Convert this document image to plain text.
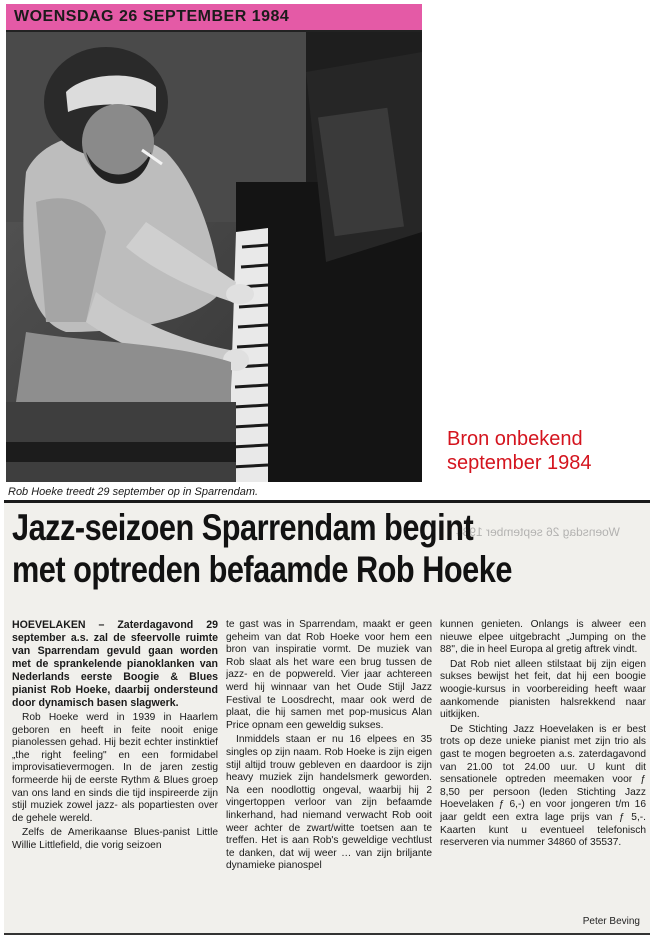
WOENSDAG 26 SEPTEMBER 1984
Rob Hoeke treedt 29 september op in Sparrendam.
Bron onbekend
september 1984
Woensdag 26 september 1984
Jazz-seizoen Sparrendam begint
met optreden befaamde Rob Hoeke

HOEVELAKEN – Zaterdagavond 29 september a.s. zal de sfeervolle ruimte van Sparrendam gevuld gaan worden met de sprankelende pianoklanken van Nederlands eerste Boogie & Blues pianist Rob Hoeke, daarbij ondersteund door dynamisch basen slagwerk.

Rob Hoeke werd in 1939 in Haarlem geboren en heeft in feite nooit enige pianolessen gehad. Hij bezit echter instinktief „the right feeling" en een formidabel improvisatievermogen. In de jaren zestig formeerde hij de eerste Rythm & Blues groep van ons land en sinds die tijd inspireerde zijn stijl muziek zowel jazz- als popartiesten over de gehele wereld.

Zelfs de Amerikaanse Blues-panist Little Willie Littlefield, die vorig seizoen

te gast was in Sparrendam, maakt er geen geheim van dat Rob Hoeke voor hem een bron van inspiratie vormt. De muziek van Rob slaat als het ware een brug tussen de jazz- en de popwereld. Vier jaar achtereen werd hij winnaar van het Oude Stijl Jazz Festival te Loosdrecht, maar ook werd de plaat, die hij samen met pop-musicus Alan Price opnam een geweldig sukses.

Inmiddels staan er nu 16 elpees en 35 singles op zijn naam. Rob Hoeke is zijn eigen stijl altijd trouw gebleven en daardoor is zijn heavy muziek zijn handelsmerk geworden. Na een noodlottig ongeval, waarbij hij 2 vingertoppen verloor van zijn befaamde linkerhand, had niemand verwacht Rob ooit weer achter de zwart/witte toetsen aan te treffen. Het is aan Rob's geweldige vechtlust te danken, dat wij weer … van zijn briljante dynamieke pianospel

kunnen genieten. Onlangs is alweer een nieuwe elpee uitgebracht „Jumping on the 88", die in heel Europa al gretig aftrek vindt.

Dat Rob niet alleen stilstaat bij zijn eigen sukses bewijst het feit, dat hij een boogie woogie-kursus in voorbereiding heeft waar aankomende pianisten halsrekkend naar uitkijken.

De Stichting Jazz Hoevelaken is er best trots op deze unieke pianist met zijn trio als gast te mogen begroeten a.s. zaterdagavond van 21.00 tot 24.00 uur. U kunt dit sensationele optreden meemaken voor ƒ 8,50 per persoon (leden Stichting Jazz Hoevelaken ƒ 6,-) en voor jongeren t/m 16 jaar geldt een extra lage prijs van ƒ 5,-. Kaarten kunt u eventueel telefonisch reserveren via nummer 34860 of 35537.

Peter Beving
